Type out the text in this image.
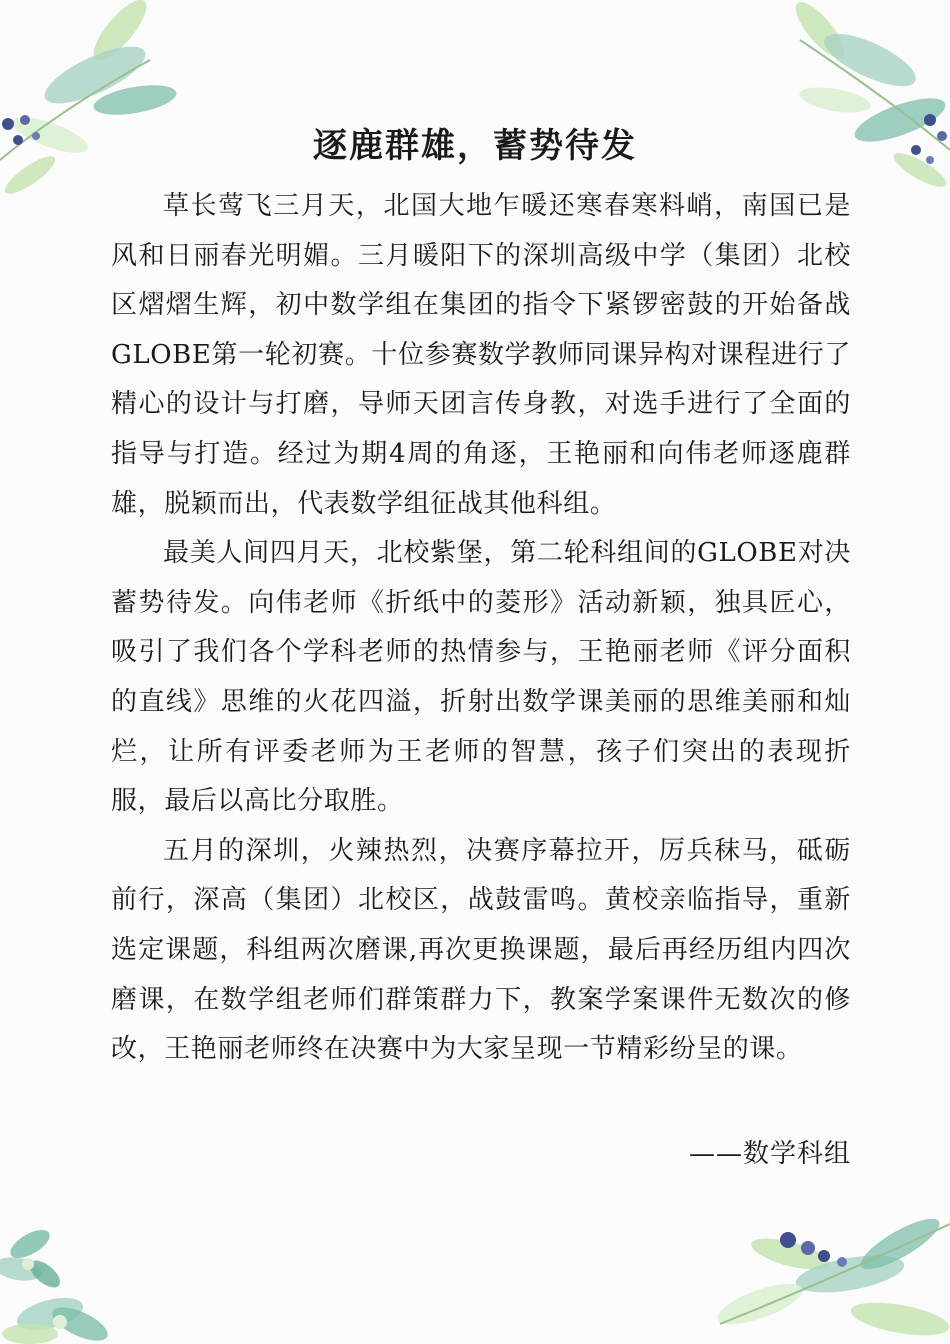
逐鹿群雄，蓄势待发

草长莺飞三月天，北国大地乍暖还寒春寒料峭，南国已是风和日丽春光明媚。三月暖阳下的深圳高级中学（集团）北校区熠熠生辉，初中数学组在集团的指令下紧锣密鼓的开始备战GLOBE第一轮初赛。十位参赛数学教师同课异构对课程进行了精心的设计与打磨，导师天团言传身教，对选手进行了全面的指导与打造。经过为期4周的角逐，王艳丽和向伟老师逐鹿群雄，脱颖而出，代表数学组征战其他科组。

最美人间四月天，北校紫堡，第二轮科组间的GLOBE对决蓄势待发。向伟老师《折纸中的菱形》活动新颖，独具匠心，吸引了我们各个学科老师的热情参与，王艳丽老师《评分面积的直线》思维的火花四溢，折射出数学课美丽的思维美丽和灿烂，让所有评委老师为王老师的智慧，孩子们突出的表现折服，最后以高比分取胜。

五月的深圳，火辣热烈，决赛序幕拉开，厉兵秣马，砥砺前行，深高（集团）北校区，战鼓雷鸣。黄校亲临指导，重新选定课题，科组两次磨课,再次更换课题，最后再经历组内四次磨课，在数学组老师们群策群力下，教案学案课件无数次的修改，王艳丽老师终在决赛中为大家呈现一节精彩纷呈的课。

——数学科组
